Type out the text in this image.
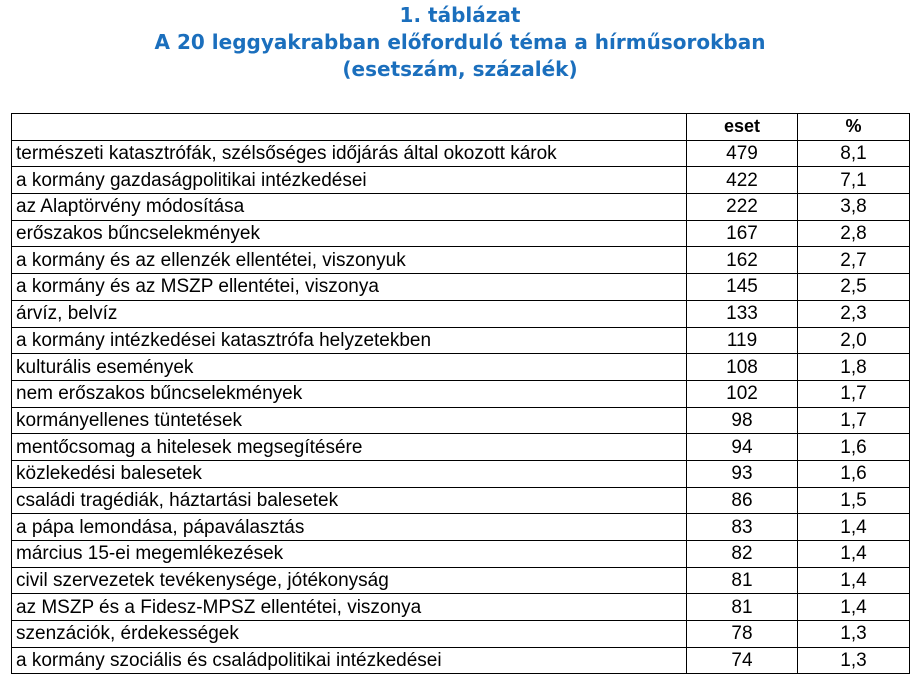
1. táblázat
A 20 leggyakrabban előforduló téma a hírműsorokban
(esetszám, százalék)
	eset	%
természeti katasztrófák, szélsőséges időjárás által okozott károk	479	8,1
a kormány gazdaságpolitikai intézkedései	422	7,1
az Alaptörvény módosítása	222	3,8
erőszakos bűncselekmények	167	2,8
a kormány és az ellenzék ellentétei, viszonyuk	162	2,7
a kormány és az MSZP ellentétei, viszonya	145	2,5
árvíz, belvíz	133	2,3
a kormány intézkedései katasztrófa helyzetekben	119	2,0
kulturális események	108	1,8
nem erőszakos bűncselekmények	102	1,7
kormányellenes tüntetések	98	1,7
mentőcsomag a hitelesek megsegítésére	94	1,6
közlekedési balesetek	93	1,6
családi tragédiák, háztartási balesetek	86	1,5
a pápa lemondása, pápaválasztás	83	1,4
március 15-ei megemlékezések	82	1,4
civil szervezetek tevékenysége, jótékonyság	81	1,4
az MSZP és a Fidesz-MPSZ ellentétei, viszonya	81	1,4
szenzációk, érdekességek	78	1,3
a kormány szociális és családpolitikai intézkedései	74	1,3
